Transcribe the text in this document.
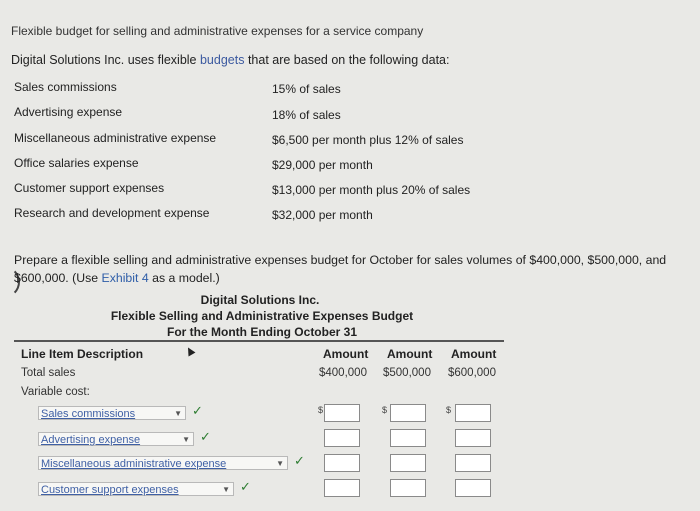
Flexible budget for selling and administrative expenses for a service company
Digital Solutions Inc. uses flexible budgets that are based on the following data:
Sales commissions	15% of sales
Advertising expense	18% of sales
Miscellaneous administrative expense	$6,500 per month plus 12% of sales
Office salaries expense	$29,000 per month
Customer support expenses	$13,000 per month plus 20% of sales
Research and development expense	$32,000 per month
Prepare a flexible selling and administrative expenses budget for October for sales volumes of $400,000, $500,000, and
$600,000. (Use Exhibit 4 as a model.)
Digital Solutions Inc.
Flexible Selling and Administrative Expenses Budget
For the Month Ending October 31
Line Item Description	Amount Amount Amount
Total sales	$400,000 $500,000 $600,000
Variable cost:
Sales commissions	▼ ✓	$	$	$
Advertising expense	▼ ✓
Miscellaneous administrative expense	▼ ✓
Customer support expenses	▼ ✓
